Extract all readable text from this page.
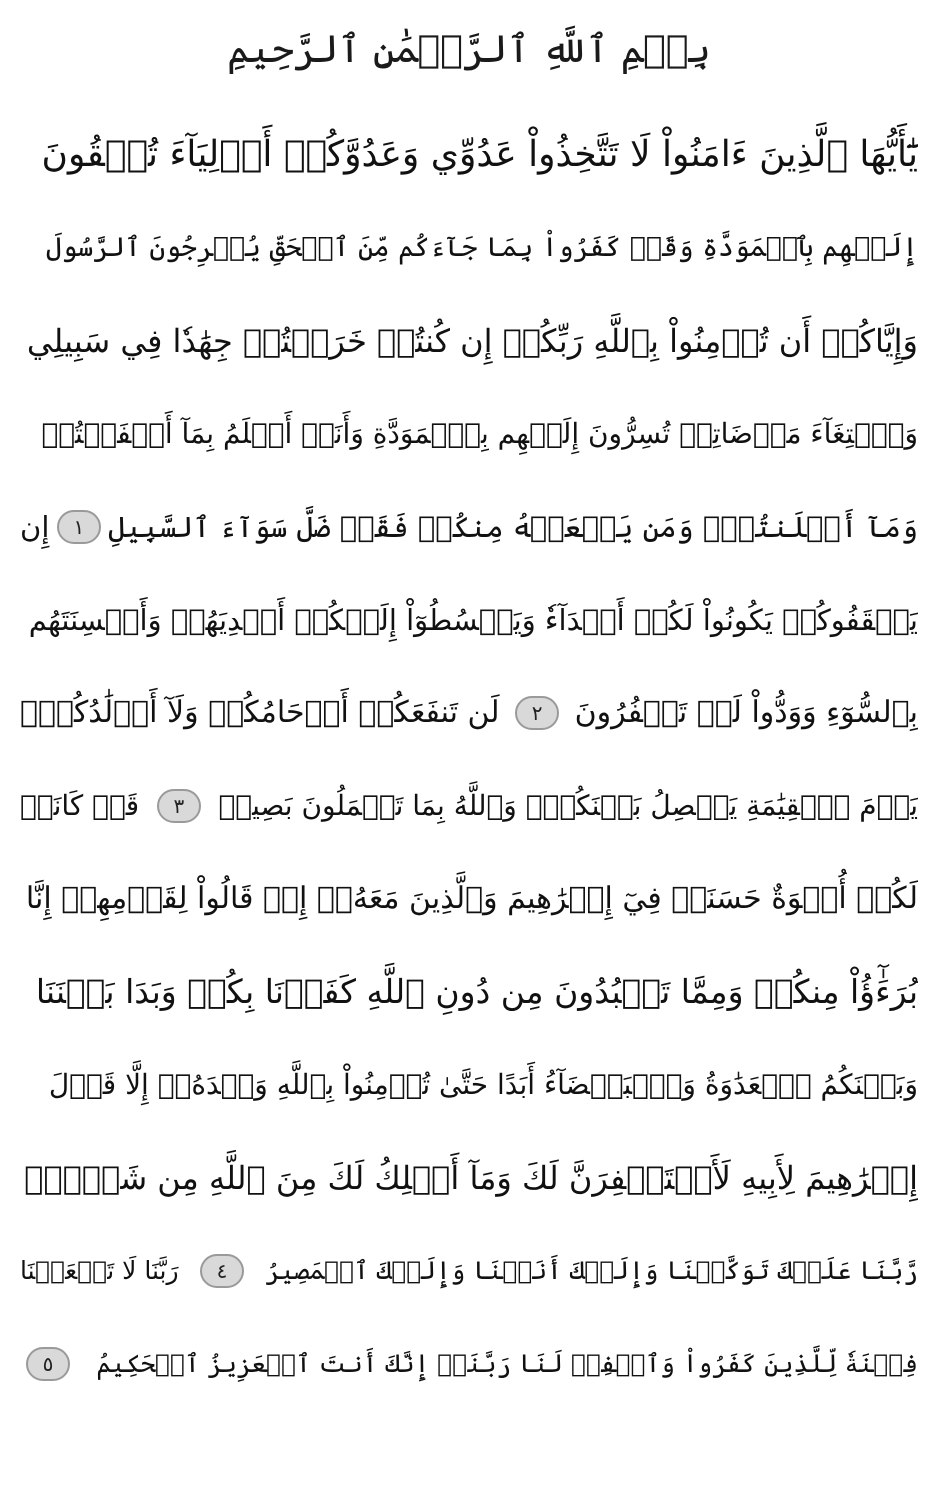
بِسۡمِ ٱللَّهِ ٱلرَّحۡمَٰنِ ٱلرَّحِيمِ
يَٰٓأَيُّهَا ٱلَّذِينَ ءَامَنُواْ لَا تَتَّخِذُواْ عَدُوِّي وَعَدُوَّكُمۡ أَوۡلِيَآءَ تُلۡقُونَ
إِلَيۡهِم بِٱلۡمَوَدَّةِ وَقَدۡ كَفَرُواْ بِمَا جَآءَكُم مِّنَ ٱلۡحَقِّ يُخۡرِجُونَ ٱلرَّسُولَ
وَإِيَّاكُمۡ أَن تُؤۡمِنُواْ بِٱللَّهِ رَبِّكُمۡ إِن كُنتُمۡ خَرَجۡتُمۡ جِهَٰدٗا فِي سَبِيلِي
وَٱبۡتِغَآءَ مَرۡضَاتِيۚ تُسِرُّونَ إِلَيۡهِم بِٱلۡمَوَدَّةِ وَأَنَا۠ أَعۡلَمُ بِمَآ أَخۡفَيۡتُمۡ
وَمَآ أَعۡلَنتُمۡۚ وَمَن يَفۡعَلۡهُ مِنكُمۡ فَقَدۡ ضَلَّ سَوَآءَ ٱلسَّبِيلِ
١
إِن
يَثۡقَفُوكُمۡ يَكُونُواْ لَكُمۡ أَعۡدَآءٗ وَيَبۡسُطُوٓاْ إِلَيۡكُمۡ أَيۡدِيَهُمۡ وَأَلۡسِنَتَهُم
بِٱلسُّوٓءِ وَوَدُّواْ لَوۡ تَكۡفُرُونَ
٢
لَن تَنفَعَكُمۡ أَرۡحَامُكُمۡ وَلَآ أَوۡلَٰدُكُمۡۚ
يَوۡمَ ٱلۡقِيَٰمَةِ يَفۡصِلُ بَيۡنَكُمۡۚ وَٱللَّهُ بِمَا تَعۡمَلُونَ بَصِيرٞ
٣
قَدۡ كَانَتۡ
لَكُمۡ أُسۡوَةٌ حَسَنَةٞ فِيٓ إِبۡرَٰهِيمَ وَٱلَّذِينَ مَعَهُۥٓ إِذۡ قَالُواْ لِقَوۡمِهِمۡ إِنَّا
بُرَءَٰٓؤُاْ مِنكُمۡ وَمِمَّا تَعۡبُدُونَ مِن دُونِ ٱللَّهِ كَفَرۡنَا بِكُمۡ وَبَدَا بَيۡنَنَا
وَبَيۡنَكُمُ ٱلۡعَدَٰوَةُ وَٱلۡبَغۡضَآءُ أَبَدًا حَتَّىٰ تُؤۡمِنُواْ بِٱللَّهِ وَحۡدَهُۥٓ إِلَّا قَوۡلَ
إِبۡرَٰهِيمَ لِأَبِيهِ لَأَسۡتَغۡفِرَنَّ لَكَ وَمَآ أَمۡلِكُ لَكَ مِنَ ٱللَّهِ مِن شَيۡءٖۖ
رَّبَّنَا عَلَيۡكَ تَوَكَّلۡنَا وَإِلَيۡكَ أَنَبۡنَا وَإِلَيۡكَ ٱلۡمَصِيرُ
٤
رَبَّنَا لَا تَجۡعَلۡنَا
فِتۡنَةٗ لِّلَّذِينَ كَفَرُواْ وَٱغۡفِرۡ لَنَا رَبَّنَآۖ إِنَّكَ أَنتَ ٱلۡعَزِيزُ ٱلۡحَكِيمُ
٥
